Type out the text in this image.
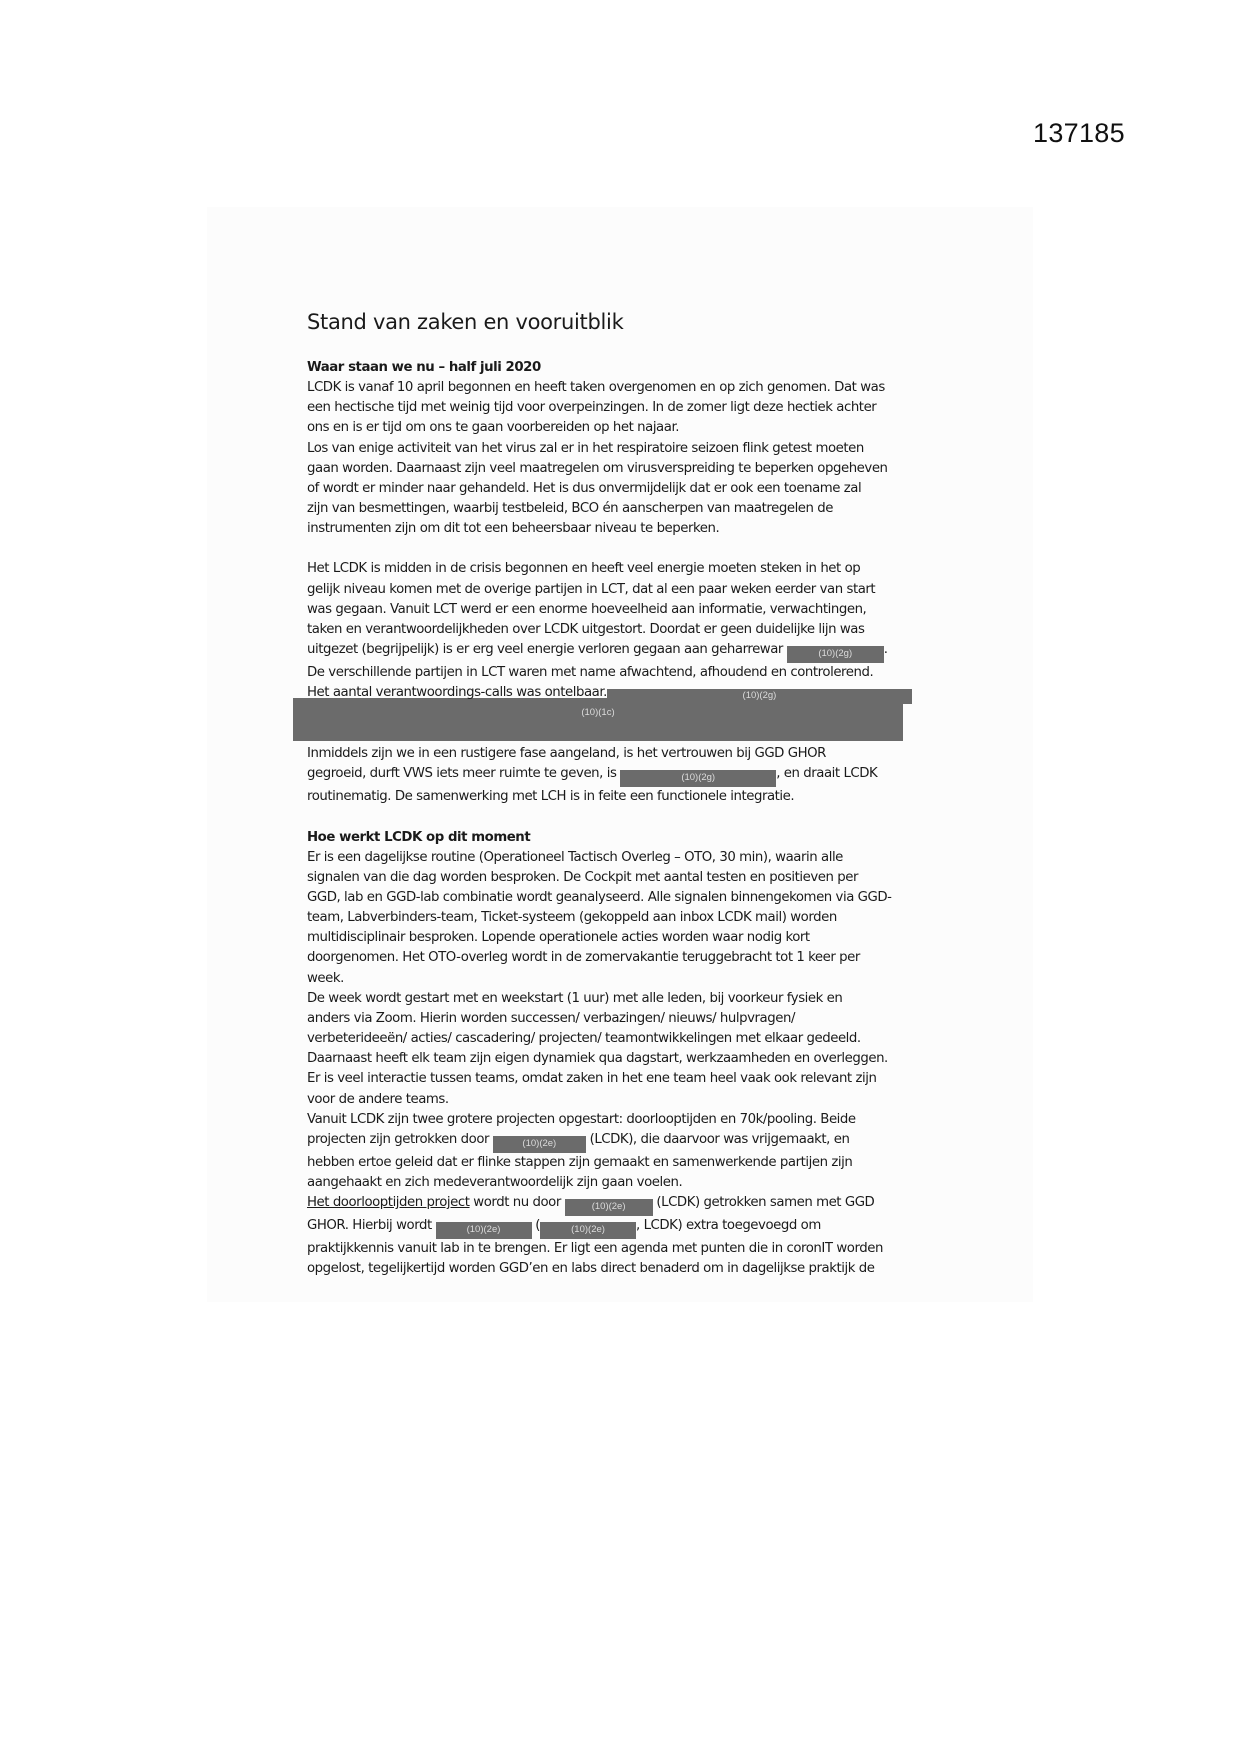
137185
(10)(1c)
Stand van zaken en vooruitblik

Waar staan we nu – half juli 2020

LCDK is vanaf 10 april begonnen en heeft taken overgenomen en op zich genomen. Dat was

een hectische tijd met weinig tijd voor overpeinzingen. In de zomer ligt deze hectiek achter

ons en is er tijd om ons te gaan voorbereiden op het najaar.

Los van enige activiteit van het virus zal er in het respiratoire seizoen flink getest moeten

gaan worden. Daarnaast zijn veel maatregelen om virusverspreiding te beperken opgeheven

of wordt er minder naar gehandeld. Het is dus onvermijdelijk dat er ook een toename zal

zijn van besmettingen, waarbij testbeleid, BCO én aanscherpen van maatregelen de

instrumenten zijn om dit tot een beheersbaar niveau te beperken.

Het LCDK is midden in de crisis begonnen en heeft veel energie moeten steken in het op

gelijk niveau komen met de overige partijen in LCT, dat al een paar weken eerder van start

was gegaan. Vanuit LCT werd er een enorme hoeveelheid aan informatie, verwachtingen,

taken en verantwoordelijkheden over LCDK uitgestort. Doordat er geen duidelijke lijn was

uitgezet (begrijpelijk) is er erg veel energie verloren gegaan aan geharrewar	(10)(2g) .

De verschillende partijen in LCT waren met name afwachtend, afhoudend en controlerend.

Het aantal verantwoordings-calls was ontelbaar.	(10)(2g)

Inmiddels zijn we in een rustigere fase aangeland, is het vertrouwen bij GGD GHOR

gegroeid, durft VWS iets meer ruimte te geven, is	(10)(2g)	, en draait LCDK

routinematig. De samenwerking met LCH is in feite een functionele integratie.

Hoe werkt LCDK op dit moment

Er is een dagelijkse routine (Operationeel Tactisch Overleg – OTO, 30 min), waarin alle

signalen van die dag worden besproken. De Cockpit met aantal testen en positieven per

GGD, lab en GGD-lab combinatie wordt geanalyseerd. Alle signalen binnengekomen via GGD-

team, Labverbinders-team, Ticket-systeem (gekoppeld aan inbox LCDK mail) worden

multidisciplinair besproken. Lopende operationele acties worden waar nodig kort

doorgenomen. Het OTO-overleg wordt in de zomervakantie teruggebracht tot 1 keer per

week.

De week wordt gestart met en weekstart (1 uur) met alle leden, bij voorkeur fysiek en

anders via Zoom. Hierin worden successen/ verbazingen/ nieuws/ hulpvragen/

verbeterideeën/ acties/ cascadering/ projecten/ teamontwikkelingen met elkaar gedeeld.

Daarnaast heeft elk team zijn eigen dynamiek qua dagstart, werkzaamheden en overleggen.

Er is veel interactie tussen teams, omdat zaken in het ene team heel vaak ook relevant zijn

voor de andere teams.

Vanuit LCDK zijn twee grotere projecten opgestart: doorlooptijden en 70k/pooling. Beide

projecten zijn getrokken door	(10)(2e)	(LCDK), die daarvoor was vrijgemaakt, en

hebben ertoe geleid dat er flinke stappen zijn gemaakt en samenwerkende partijen zijn

aangehaakt en zich medeverantwoordelijk zijn gaan voelen.

Het doorlooptijden project wordt nu door	(10)(2e) (LCDK) getrokken samen met GGD

GHOR. Hierbij wordt	(10)(2e)	(	(10)(2e) , LCDK) extra toegevoegd om

praktijkkennis vanuit lab in te brengen. Er ligt een agenda met punten die in coronIT worden

opgelost, tegelijkertijd worden GGD’en en labs direct benaderd om in dagelijkse praktijk de
